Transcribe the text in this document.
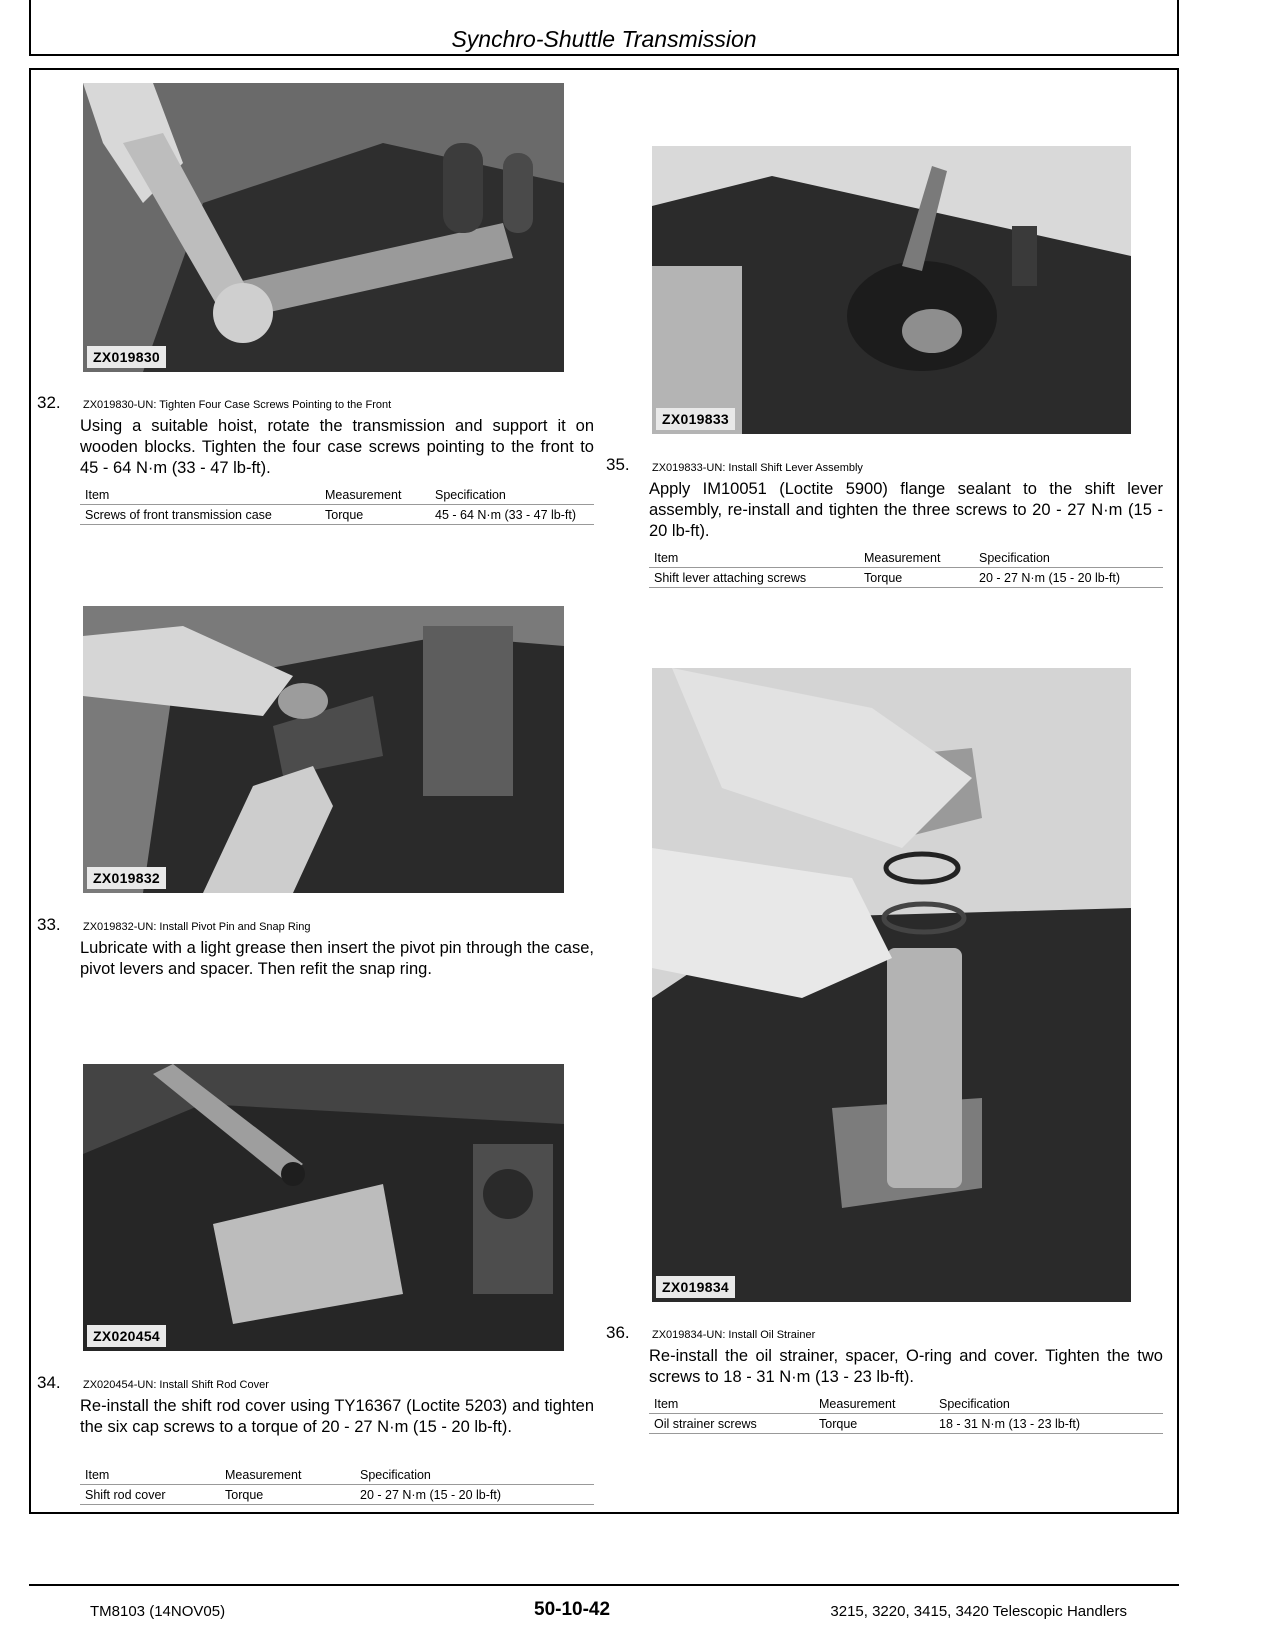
Synchro-Shuttle Transmission
ZX019830
32. ZX019830-UN: Tighten Four Case Screws Pointing to the Front
Using a suitable hoist, rotate the transmission and support it on wooden blocks. Tighten the four case screws pointing to the front to 45 - 64 N·m (33 - 47 lb-ft).
Item	Measurement	Specification
Screws of front transmission case	Torque	45 - 64 N·m (33 - 47 lb-ft)
ZX019832
33. ZX019832-UN: Install Pivot Pin and Snap Ring
Lubricate with a light grease then insert the pivot pin through the case, pivot levers and spacer. Then refit the snap ring.
ZX020454
34. ZX020454-UN: Install Shift Rod Cover
Re-install the shift rod cover using TY16367 (Loctite 5203) and tighten the six cap screws to a torque of 20 - 27 N·m (15 - 20 lb-ft).
Item	Measurement	Specification
Shift rod cover	Torque	20 - 27 N·m (15 - 20 lb-ft)
ZX019833
35. ZX019833-UN: Install Shift Lever Assembly
Apply IM10051 (Loctite 5900) flange sealant to the shift lever assembly, re-install and tighten the three screws to 20 - 27 N·m (15 - 20 lb-ft).
Item	Measurement	Specification
Shift lever attaching screws	Torque	20 - 27 N·m (15 - 20 lb-ft)
ZX019834
36. ZX019834-UN: Install Oil Strainer
Re-install the oil strainer, spacer, O-ring and cover. Tighten the two screws to 18 - 31 N·m (13 - 23 lb-ft).
Item	Measurement	Specification
Oil strainer screws	Torque	18 - 31 N·m (13 - 23 lb-ft)
TM8103 (14NOV05)	50-10-42	3215, 3220, 3415, 3420 Telescopic Handlers
